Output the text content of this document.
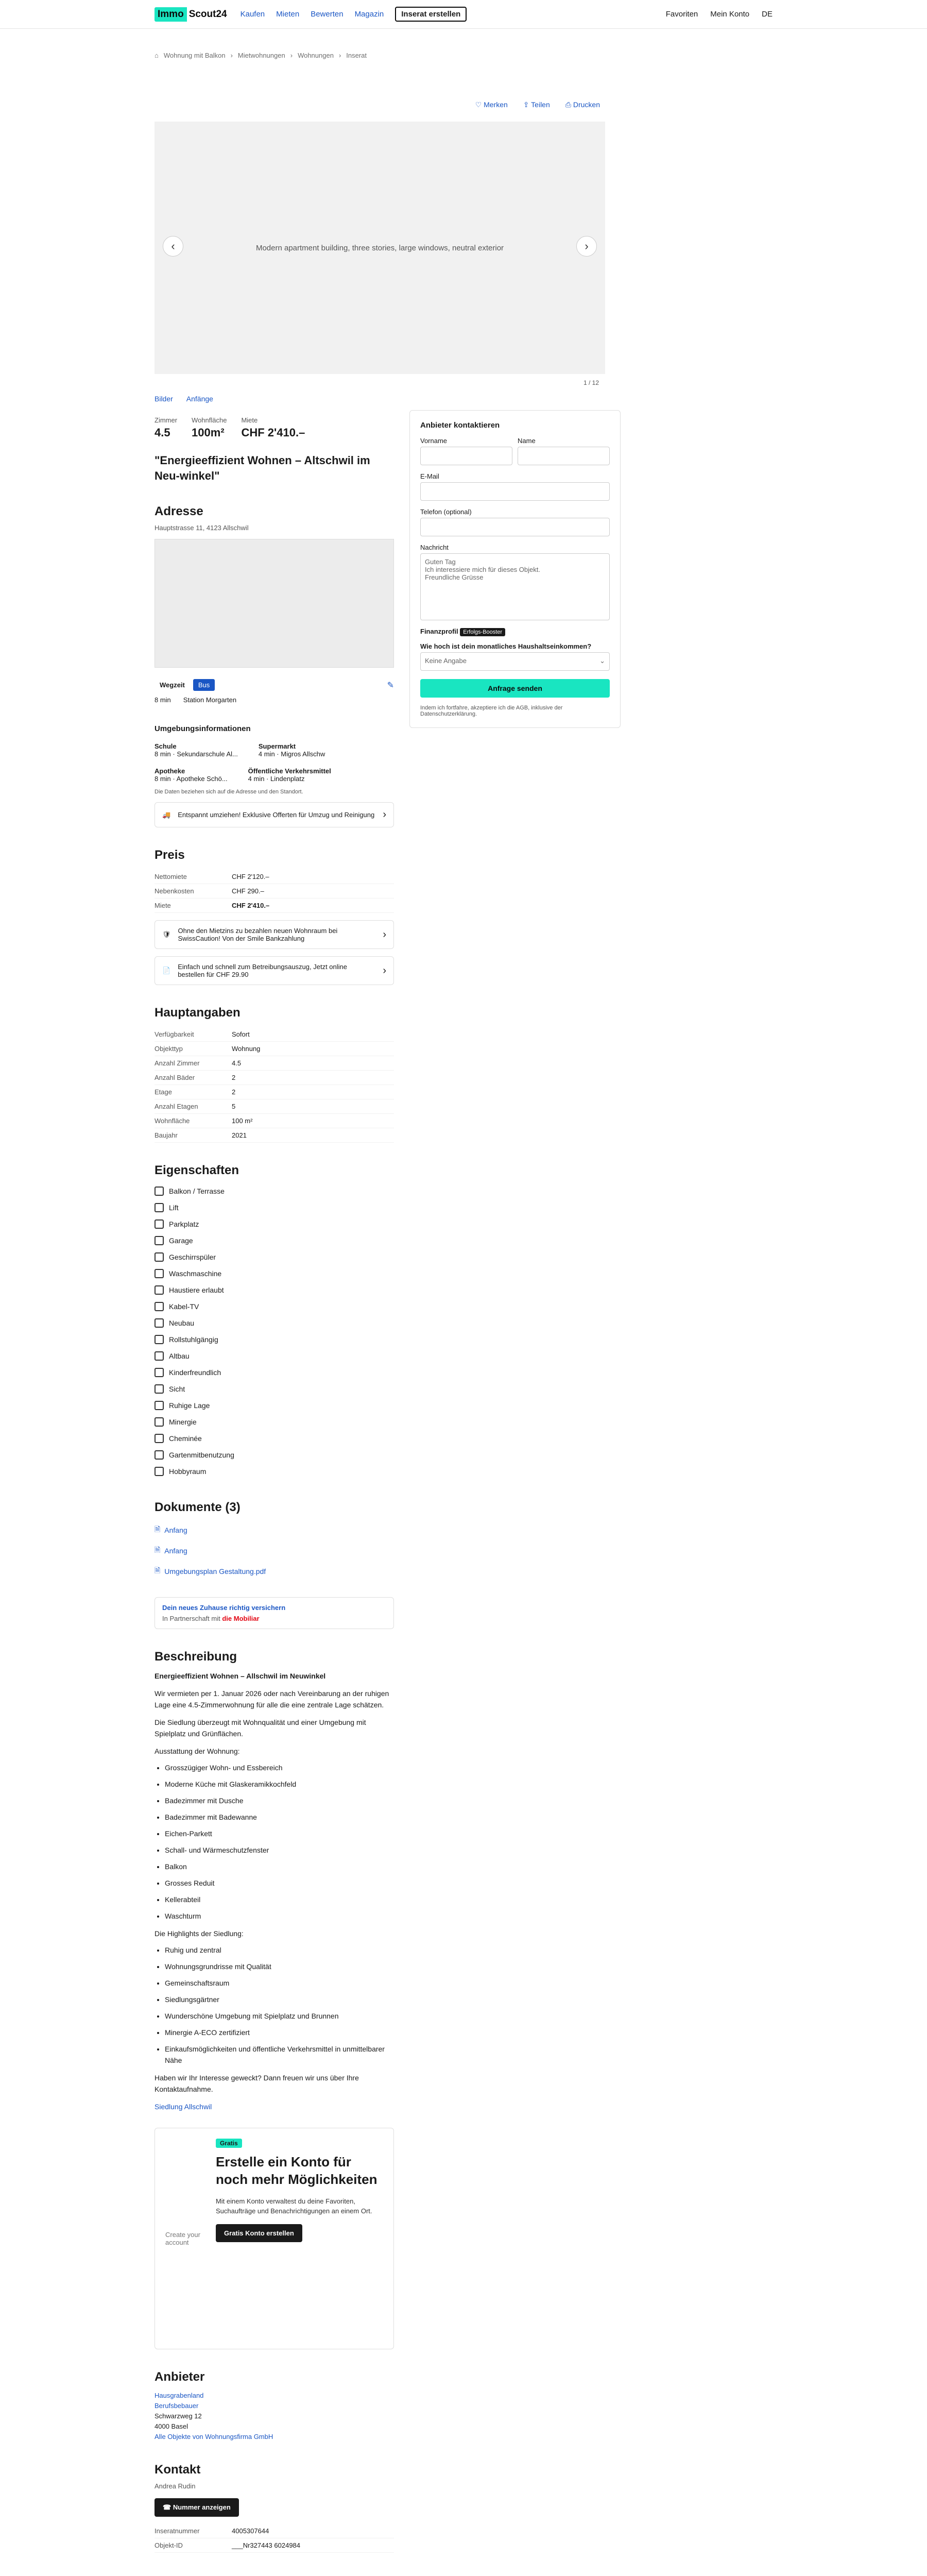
Immo Scout24 Kaufen Mieten Bewerten Magazin	Inserat erstellen	Favoriten Mein Konto DE
⌂ Wohnung mit Balkon › Mietwohnungen › Wohnungen › Inserat
♡ Merken ⇪ Teilen ⎙ Drucken
Modern apartment building, three stories, large windows, neutral exterior
‹	›
1 / 12
Bilder Anfänge
Zimmer
4.5
Wohnfläche
100m²
Miete
CHF 2'410.–
"Energieeffizient Wohnen – Altschwil im Neu-winkel"
Adresse
Hauptstrasse 11, 4123 Allschwil
Wegzeit	Bus	✎
8 min Station Morgarten
Umgebungsinformationen
Schule
8 min · Sekundarschule Al...
Supermarkt
4 min · Migros Allschw
Apotheke
8 min · Apotheke Schö...
Öffentliche Verkehrsmittel
4 min · Lindenplatz
Die Daten beziehen sich auf die Adresse und den Standort.
🚚 Entspannt umziehen! Exklusive Offerten für Umzug und Reinigung ›
Preis
Nettomiete	CHF 2'120.–
Nebenkosten	CHF 290.–
Miete	CHF 2'410.–
🛡 Ohne den Mietzins zu bezahlen neuen Wohnraum bei SwissCaution! Von der Smile Bankzahlung	›
📄 Einfach und schnell zum Betreibungsauszug, Jetzt online bestellen für CHF 29.90	›
Hauptangaben
Verfügbarkeit	Sofort
Objekttyp	Wohnung
Anzahl Zimmer	4.5
Anzahl Bäder	2
Etage	2
Anzahl Etagen	5
Wohnfläche	100 m²
Baujahr	2021
Eigenschaften
Balkon / Terrasse
Lift
Parkplatz
Garage
Geschirrspüler
Waschmaschine
Haustiere erlaubt
Kabel-TV
Neubau
Rollstuhlgängig
Altbau
Kinderfreundlich
Sicht
Ruhige Lage
Minergie
Cheminée
Gartenmitbenutzung
Hobbyraum
Dokumente (3)
🗎 Anfang
🗎 Anfang
🗎 Umgebungsplan Gestaltung.pdf
Dein neues Zuhause richtig versichern
In Partnerschaft mit die Mobiliar
Beschreibung

Energieeffizient Wohnen – Allschwil im Neuwinkel

Wir vermieten per 1. Januar 2026 oder nach Vereinbarung an der ruhigen Lage eine 4.5-Zimmerwohnung für alle die eine zentrale Lage schätzen.

Die Siedlung überzeugt mit Wohnqualität und einer Umgebung mit Spielplatz und Grünflächen.

Ausstattung der Wohnung:

• Grosszügiger Wohn- und Essbereich
• Moderne Küche mit Glaskeramikkochfeld
• Badezimmer mit Dusche
• Badezimmer mit Badewanne
• Eichen-Parkett
• Schall- und Wärmeschutzfenster
• Balkon
• Grosses Reduit
• Kellerabteil
• Waschturm

Die Highlights der Siedlung:

• Ruhig und zentral
• Wohnungsgrundrisse mit Qualität
• Gemeinschaftsraum
• Siedlungsgärtner
• Wunderschöne Umgebung mit Spielplatz und Brunnen
• Minergie A-ECO zertifiziert
• Einkaufsmöglichkeiten und öffentliche Verkehrsmittel in unmittelbarer Nähe

Haben wir Ihr Interesse geweckt? Dann freuen wir uns über Ihre Kontaktaufnahme.

Siedlung Allschwil

Create your account
Gratis
Erstelle ein Konto für noch mehr Möglichkeiten

Mit einem Konto verwaltest du deine Favoriten, Suchaufträge und Benachrichtigungen an einem Ort.

Gratis Konto erstellen
Anbieter
Hausgrabenland
Berufsbebauer
Schwarzweg 12
4000 Basel
Alle Objekte von Wohnungsfirma GmbH
Kontakt
Andrea Rudin
☎ Nummer anzeigen
Inseratnummer	4005307644
Objekt-ID	___Nr327443 6024984
Anbieter kontaktieren
Vorname	Name
E-Mail
Telefon (optional)
Nachricht
Guten Tag
Ich interessiere mich für dieses Objekt.
Freundliche Grüsse
Finanzprofil Erfolgs-Booster
Wie hoch ist dein monatliches Haushaltseinkommen?
Keine Angabe	⌄
Anfrage senden
Indem ich fortfahre, akzeptiere ich die AGB, inklusive der Datenschutzerklärung.
